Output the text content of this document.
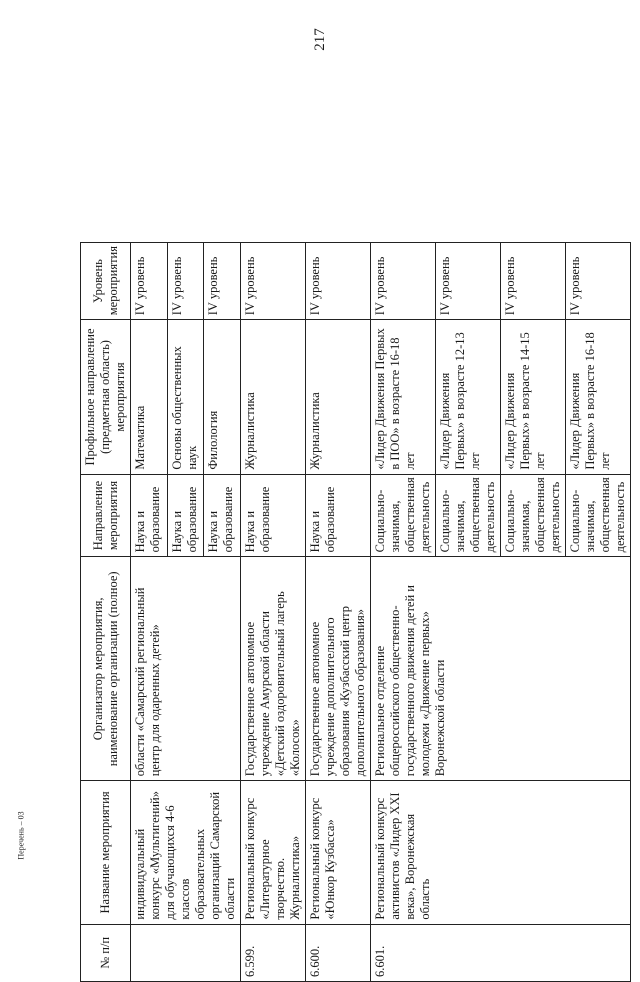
217
№ п/п	Название мероприятия	Организатор мероприятия, наименование организации (полное)	Направление мероприятия	Профильное направление (предметная область) мероприятия	Уровень мероприятия
	индивидуальный конкурс «Мультигений» для обучающихся 4-6 классов образовательных организаций Самарской области	области «Самарский региональный центр для одаренных детей»	Наука и образование	Математика	IV уровень
			Наука и образование	Основы общественных наук	IV уровень
			Наука и образование	Филология	IV уровень
6.599.	Региональный конкурс «Литературное творчество. Журналистика»	Государственное автономное учреждение Амурской области «Детский оздоровительный лагерь «Колосок»	Наука и образование	Журналистика	IV уровень
6.600.	Региональный конкурс «Юнкор Кузбасса»	Государственное автономное учреждение дополнительного образования «Кузбасский центр дополнительного образования»	Наука и образование	Журналистика	IV уровень
6.601.	Региональный конкурс активистов «Лидер XXI века», Воронежская область	Региональное отделение общероссийского общественно-государственного движения детей и молодежи «Движение первых» Воронежской области	Социально-значимая, общественная деятельность	«Лидер Движения Первых в ПОО» в возрасте 16-18 лет	IV уровень
			Социально-значимая, общественная деятельность	«Лидер Движения Первых» в возрасте 12-13 лет	IV уровень
			Социально-значимая, общественная деятельность	«Лидер Движения Первых» в возрасте 14-15 лет	IV уровень
			Социально-значимая, общественная деятельность	«Лидер Движения Первых» в возрасте 16-18 лет	IV уровень
Перечень – 03
